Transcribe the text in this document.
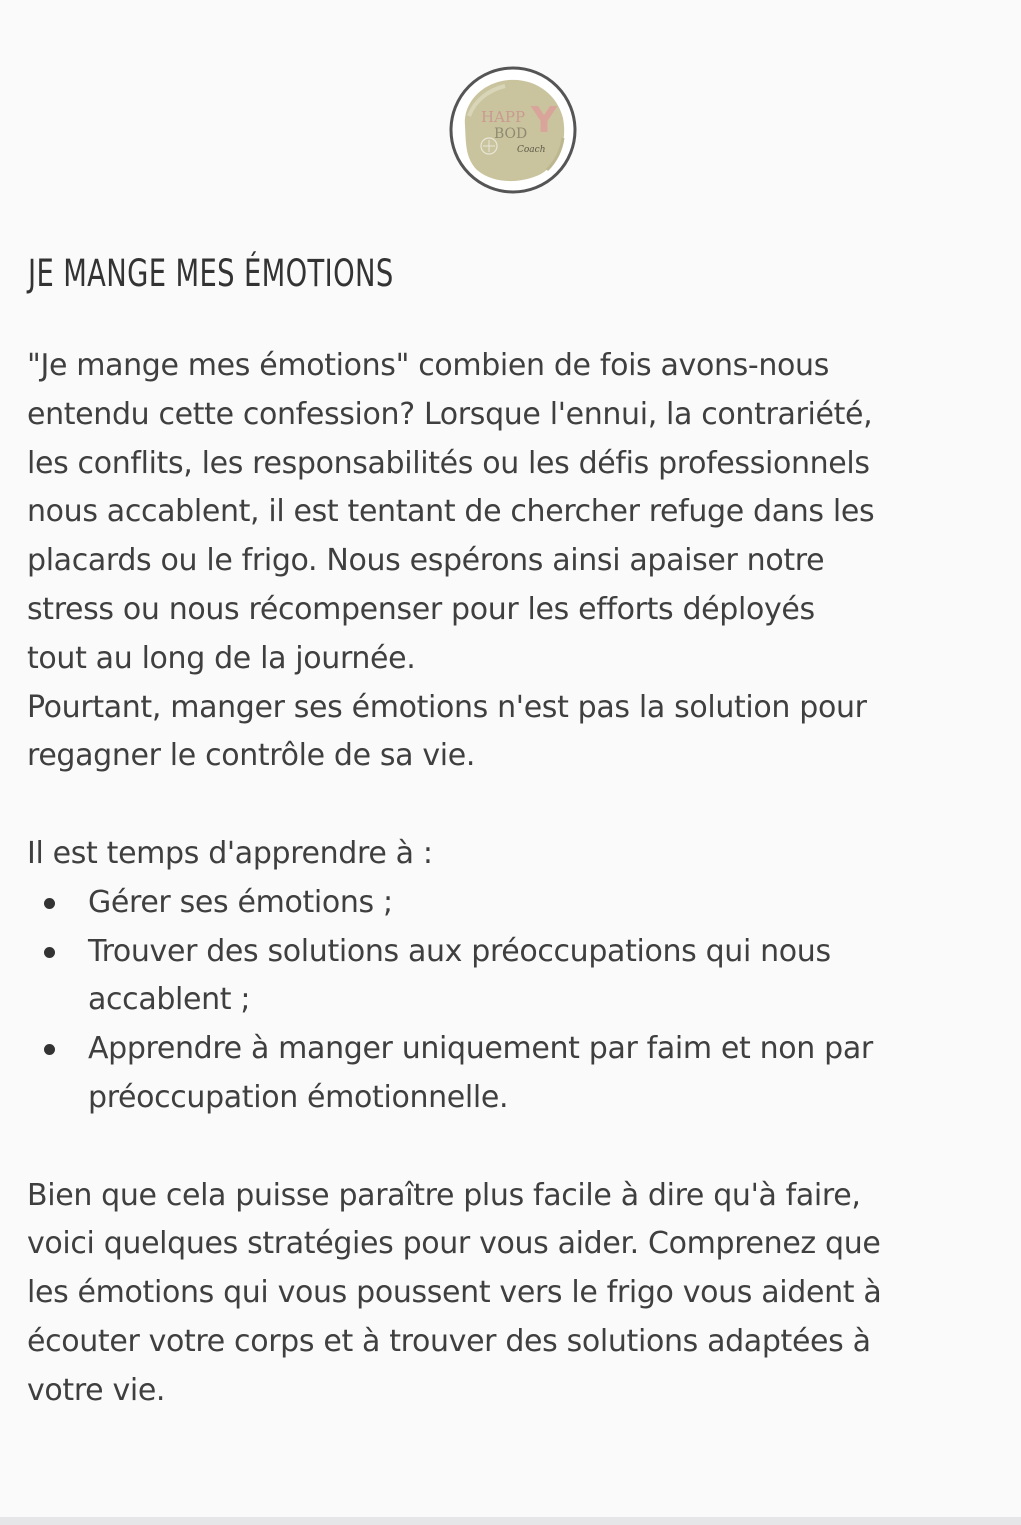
HAPP
BOD Y
Coach
JE MANGE MES ÉMOTIONS

"Je mange mes émotions" combien de fois avons-nous
entendu cette confession? Lorsque l'ennui, la contrariété,
les conflits, les responsabilités ou les défis professionnels
nous accablent, il est tentant de chercher refuge dans les
placards ou le frigo. Nous espérons ainsi apaiser notre
stress ou nous récompenser pour les efforts déployés
tout au long de la journée.

Pourtant, manger ses émotions n'est pas la solution pour
regagner le contrôle de sa vie.

Il est temps d'apprendre à :

Gérer ses émotions ;
Trouver des solutions aux préoccupations qui nous
accablent ;
Apprendre à manger uniquement par faim et non par
préoccupation émotionnelle.

Bien que cela puisse paraître plus facile à dire qu'à faire,
voici quelques stratégies pour vous aider. Comprenez que
les émotions qui vous poussent vers le frigo vous aident à
écouter votre corps et à trouver des solutions adaptées à
votre vie.
